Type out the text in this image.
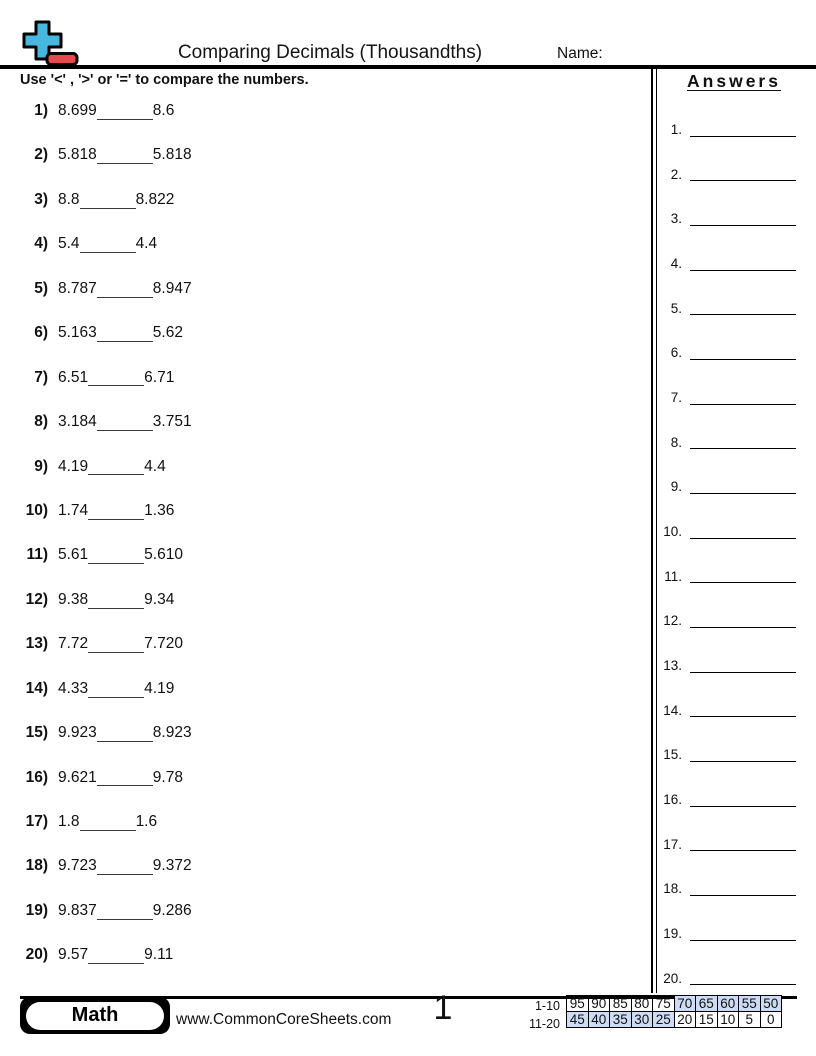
Comparing Decimals (Thousandths)	Name:
Use '<' , '>' or '=' to compare the numbers.
1) 8.699	8.6
2) 5.818	5.818
3) 8.8	8.822
4) 5.4	4.4
5) 8.787	8.947
6) 5.163	5.62
7) 6.51	6.71
8) 3.184	3.751
9) 4.19	4.4
10) 1.74	1.36
11) 5.61	5.610
12) 9.38	9.34
13) 7.72	7.720
14) 4.33	4.19
15) 9.923	8.923
16) 9.621	9.78
17) 1.8	1.6
18) 9.723	9.372
19) 9.837	9.286
20) 9.57	9.11
Answers
1.
2.
3.
4.
5.
6.
7.
8.
9.
10.
11.
12.
13.
14.
15.
16.
17.
18.
19.
20.
Math	www.CommonCoreSheets.com	1	1-10
11-20
95	90	85	80	75	70	65	60	55	50
45	40	35	30	25	20	15	10	5	0
